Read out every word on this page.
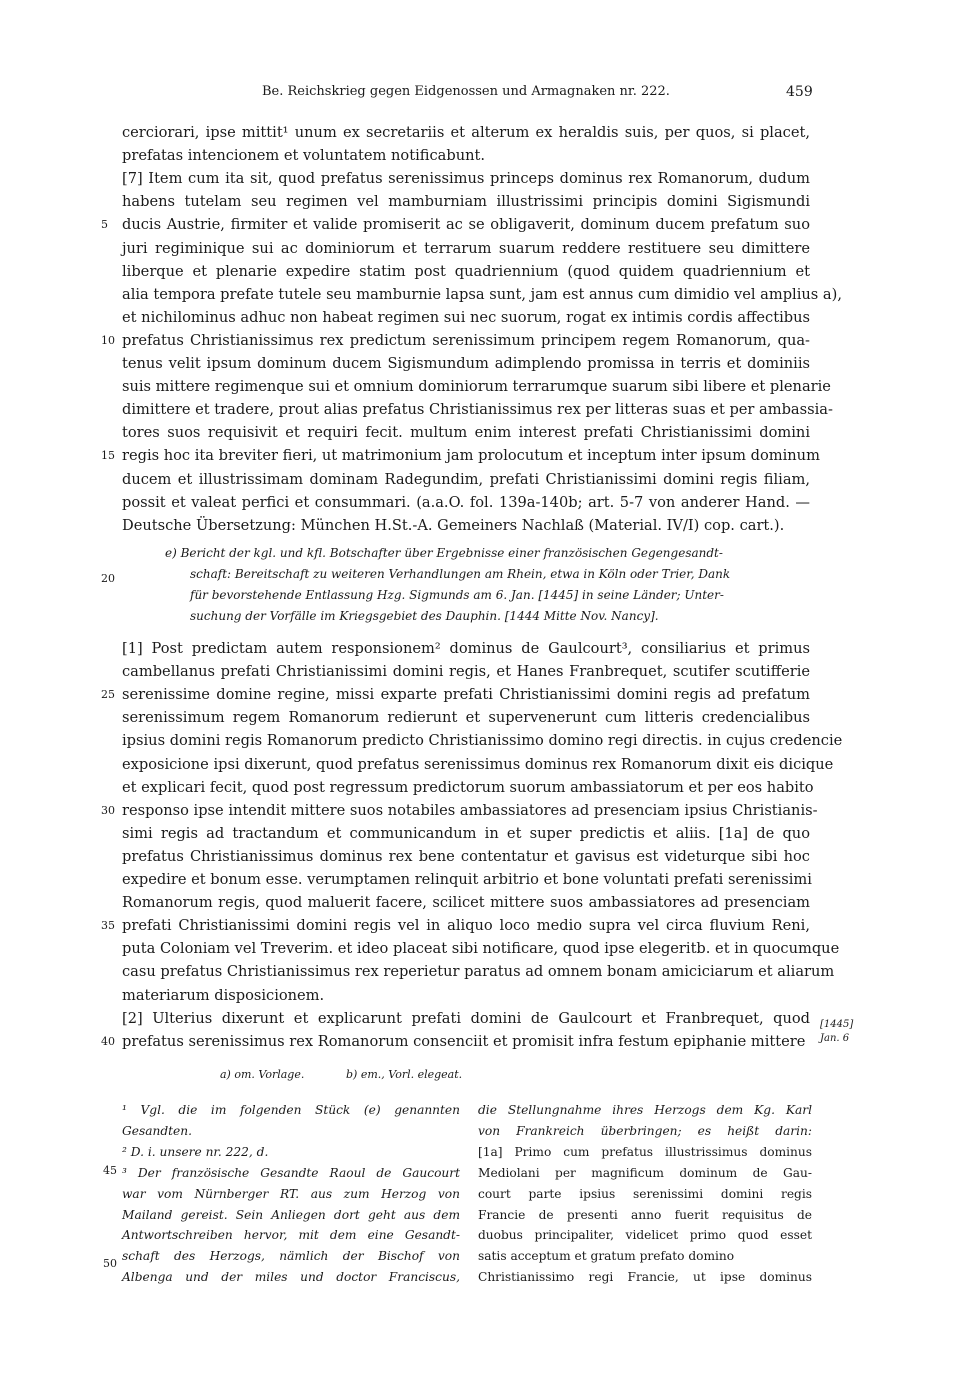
Be. Reichskrieg gegen Eidgenossen und Armagnaken nr. 222.	459
cerciorari, ipse mittit¹ unum ex secretariis et alterum ex heraldis suis, per quos, si placet,
prefatas intencionem et voluntatem notificabunt.
[7] Item cum ita sit, quod prefatus serenissimus princeps dominus rex Romanorum, dudum
habens tutelam seu regimen vel mamburniam illustrissimi principis domini Sigismundi
5 ducis Austrie, firmiter et valide promiserit ac se obligaverit, dominum ducem prefatum suo
juri regiminique sui ac dominiorum et terrarum suarum reddere restituere seu dimittere
liberque et plenarie expedire statim post quadriennium (quod quidem quadriennium et
alia tempora prefate tutele seu mamburnie lapsa sunt, jam est annus cum dimidio vel amplius a),
et nichilominus adhuc non habeat regimen sui nec suorum, rogat ex intimis cordis affectibus
10 prefatus Christianissimus rex predictum serenissimum principem regem Romanorum, qua-
tenus velit ipsum dominum ducem Sigismundum adimplendo promissa in terris et dominiis
suis mittere regimenque sui et omnium dominiorum terrarumque suarum sibi libere et plenarie
dimittere et tradere, prout alias prefatus Christianissimus rex per litteras suas et per ambassia-
tores suos requisivit et requiri fecit. multum enim interest prefati Christianissimi domini
15 regis hoc ita breviter fieri, ut matrimonium jam prolocutum et inceptum inter ipsum dominum
ducem et illustrissimam dominam Radegundim, prefati Christianissimi domini regis filiam,
possit et valeat perfici et consummari. (a.a.O. fol. 139a-140b; art. 5-7 von anderer Hand. —
Deutsche Übersetzung: München H.St.-A. Gemeiners Nachlaß (Material. IV/I) cop. cart.).
20
e) Bericht der kgl. und kfl. Botschafter über Ergebnisse einer französischen Gegengesandt-
schaft: Bereitschaft zu weiteren Verhandlungen am Rhein, etwa in Köln oder Trier, Dank
für bevorstehende Entlassung Hzg. Sigmunds am 6. Jan. [1445] in seine Länder; Unter-
suchung der Vorfälle im Kriegsgebiet des Dauphin. [1444 Mitte Nov. Nancy].
[1] Post predictam autem responsionem² dominus de Gaulcourt³, consiliarius et primus
cambellanus prefati Christianissimi domini regis, et Hanes Franbrequet, scutifer scutifferie
25 serenissime domine regine, missi exparte prefati Christianissimi domini regis ad prefatum
serenissimum regem Romanorum redierunt et supervenerunt cum litteris credencialibus
ipsius domini regis Romanorum predicto Christianissimo domino regi directis. in cujus credencie
exposicione ipsi dixerunt, quod prefatus serenissimus dominus rex Romanorum dixit eis dicique
et explicari fecit, quod post regressum predictorum suorum ambassiatorum et per eos habito
30 responso ipse intendit mittere suos notabiles ambassiatores ad presenciam ipsius Christianis-
simi regis ad tractandum et communicandum in et super predictis et aliis. [1a] de quo
prefatus Christianissimus dominus rex bene contentatur et gavisus est videturque sibi hoc
expedire et bonum esse. verumptamen relinquit arbitrio et bone voluntati prefati serenissimi
Romanorum regis, quod maluerit facere, scilicet mittere suos ambassiatores ad presenciam
35 prefati Christianissimi domini regis vel in aliquo loco medio supra vel circa fluvium Reni,
puta Coloniam vel Treverim. et ideo placeat sibi notificare, quod ipse elegeritb. et in quocumque
casu prefatus Christianissimus rex reperietur paratus ad omnem bonam amiciciarum et aliarum
materiarum disposicionem.
[2] Ulterius dixerunt et explicarunt prefati domini de Gaulcourt et Franbrequet, quod
40 prefatus serenissimus rex Romanorum consenciit et promisit infra festum epiphanie mittere
[1445]
Jan. 6
a) om. Vorlage.	b) em., Vorl. elegeat.
¹ Vgl. die im folgenden Stück (e) genannten
Gesandten.
² D. i. unsere nr. 222, d.
³ Der französische Gesandte Raoul de Gaucourt
war vom Nürnberger RT. aus zum Herzog von
Mailand gereist. Sein Anliegen dort geht aus dem
Antwortschreiben hervor, mit dem eine Gesandt-
schaft des Herzogs, nämlich der Bischof von
Albenga und der miles und doctor Franciscus,
die Stellungnahme ihres Herzogs dem Kg. Karl
von Frankreich überbringen; es heißt darin:
[1a] Primo cum prefatus illustrissimus dominus
Mediolani per magnificum dominum de Gau-
court parte ipsius serenissimi domini regis
Francie de presenti anno fuerit requisitus de
duobus principaliter, videlicet primo quod esset
satis acceptum et gratum prefato domino
Christianissimo regi Francie, ut ipse dominus
45
50
